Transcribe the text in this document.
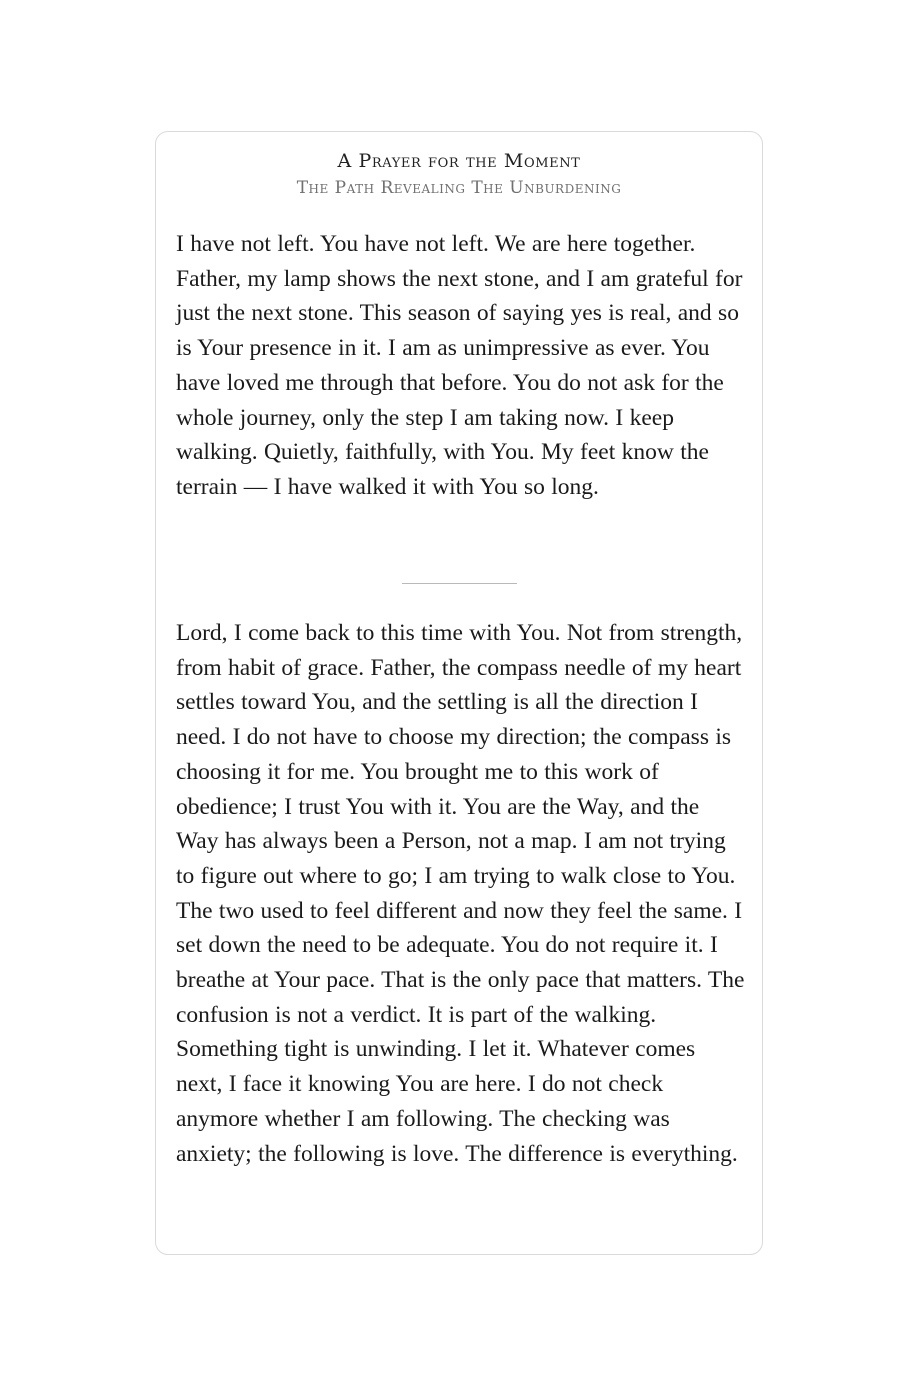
A Prayer for the Moment
The Path Revealing The Unburdening

I have not left. You have not left. We are here together. Father, my lamp shows the next stone, and I am grateful for just the next stone. This season of saying yes is real, and so is Your presence in it. I am as unimpressive as ever. You have loved me through that before. You do not ask for the whole journey, only the step I am taking now. I keep walking. Quietly, faithfully, with You. My feet know the terrain — I have walked it with You so long.

Lord, I come back to this time with You. Not from strength, from habit of grace. Father, the compass needle of my heart settles toward You, and the settling is all the direction I need. I do not have to choose my direction; the compass is choosing it for me. You brought me to this work of obedience; I trust You with it. You are the Way, and the Way has always been a Person, not a map. I am not trying to figure out where to go; I am trying to walk close to You. The two used to feel different and now they feel the same. I set down the need to be adequate. You do not require it. I breathe at Your pace. That is the only pace that matters. The confusion is not a verdict. It is part of the walking. Something tight is unwinding. I let it. Whatever comes next, I face it knowing You are here. I do not check anymore whether I am following. The checking was anxiety; the following is love. The difference is everything.
